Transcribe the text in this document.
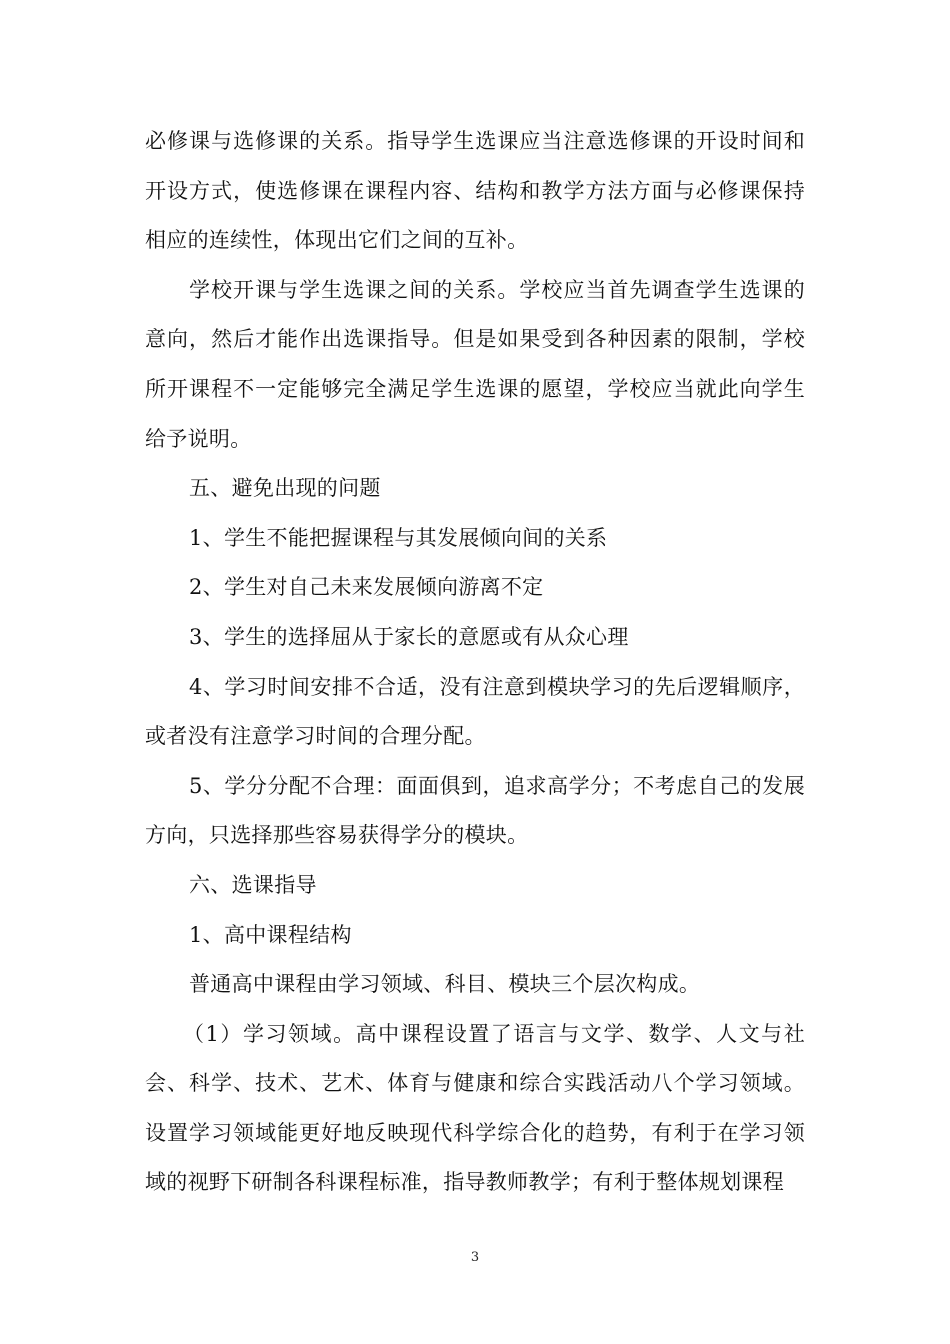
必修课与选修课的关系。指导学生选课应当注意选修课的开设时间和开设方式，使选修课在课程内容、结构和教学方法方面与必修课保持相应的连续性，体现出它们之间的互补。

学校开课与学生选课之间的关系。学校应当首先调查学生选课的意向，然后才能作出选课指导。但是如果受到各种因素的限制，学校所开课程不一定能够完全满足学生选课的愿望，学校应当就此向学生给予说明。

五、避免出现的问题

1、学生不能把握课程与其发展倾向间的关系

2、学生对自己未来发展倾向游离不定

3、学生的选择屈从于家长的意愿或有从众心理

4、学习时间安排不合适，没有注意到模块学习的先后逻辑顺序，或者没有注意学习时间的合理分配。

5、学分分配不合理：面面俱到，追求高学分；不考虑自己的发展方向，只选择那些容易获得学分的模块。

六、选课指导

1、高中课程结构

普通高中课程由学习领域、科目、模块三个层次构成。

（1）学习领域。高中课程设置了语言与文学、数学、人文与社会、科学、技术、艺术、体育与健康和综合实践活动八个学习领域。设置学习领域能更好地反映现代科学综合化的趋势，有利于在学习领域的视野下研制各科课程标准，指导教师教学；有利于整体规划课程

3
